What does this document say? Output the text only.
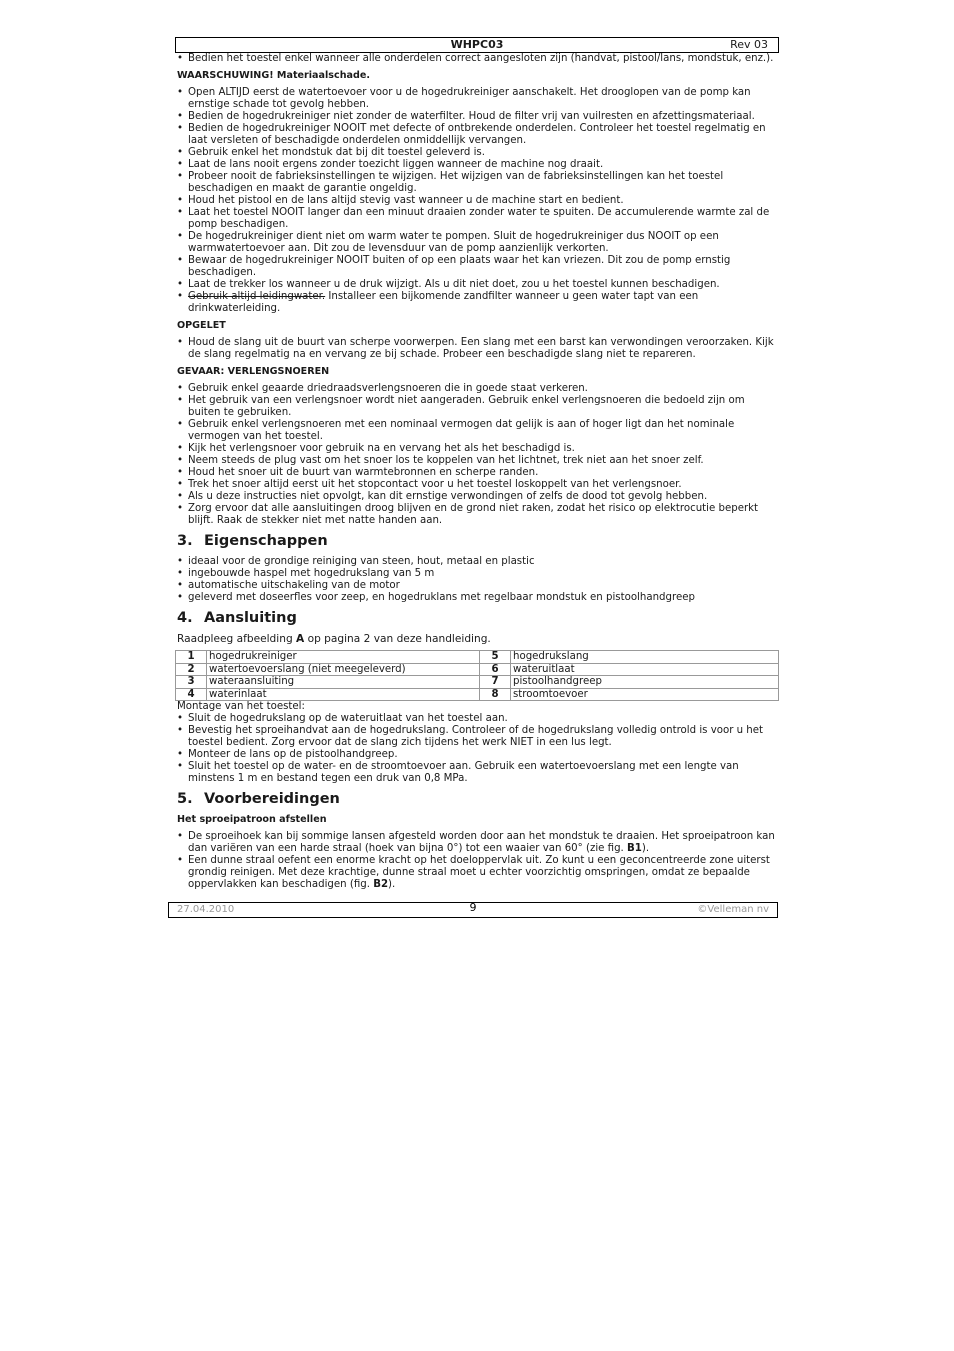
WHPC03	Rev 03
• Bedien het toestel enkel wanneer alle onderdelen correct aangesloten zijn (handvat, pistool/lans, mondstuk, enz.).
WAARSCHUWING! Materiaalschade.
• Open ALTIJD eerst de watertoevoer voor u de hogedrukreiniger aanschakelt. Het drooglopen van de pomp kan ernstige schade tot gevolg hebben.
• Bedien de hogedrukreiniger niet zonder de waterfilter. Houd de filter vrij van vuilresten en afzettingsmateriaal.
• Bedien de hogedrukreiniger NOOIT met defecte of ontbrekende onderdelen. Controleer het toestel regelmatig en laat versleten of beschadigde onderdelen onmiddellijk vervangen.
• Gebruik enkel het mondstuk dat bij dit toestel geleverd is.
• Laat de lans nooit ergens zonder toezicht liggen wanneer de machine nog draait.
• Probeer nooit de fabrieksinstellingen te wijzigen. Het wijzigen van de fabrieksinstellingen kan het toestel beschadigen en maakt de garantie ongeldig.
• Houd het pistool en de lans altijd stevig vast wanneer u de machine start en bedient.
• Laat het toestel NOOIT langer dan een minuut draaien zonder water te spuiten. De accumulerende warmte zal de pomp beschadigen.
• De hogedrukreiniger dient niet om warm water te pompen. Sluit de hogedrukreiniger dus NOOIT op een warmwatertoevoer aan. Dit zou de levensduur van de pomp aanzienlijk verkorten.
• Bewaar de hogedrukreiniger NOOIT buiten of op een plaats waar het kan vriezen. Dit zou de pomp ernstig beschadigen.
• Laat de trekker los wanneer u de druk wijzigt. Als u dit niet doet, zou u het toestel kunnen beschadigen.
• Gebruik altijd leidingwater. Installeer een bijkomende zandfilter wanneer u geen water tapt van een drinkwaterleiding.
OPGELET
• Houd de slang uit de buurt van scherpe voorwerpen. Een slang met een barst kan verwondingen veroorzaken. Kijk de slang regelmatig na en vervang ze bij schade. Probeer een beschadigde slang niet te repareren.
GEVAAR: VERLENGSNOEREN
• Gebruik enkel geaarde driedraadsverlengsnoeren die in goede staat verkeren.
• Het gebruik van een verlengsnoer wordt niet aangeraden. Gebruik enkel verlengsnoeren die bedoeld zijn om buiten te gebruiken.
• Gebruik enkel verlengsnoeren met een nominaal vermogen dat gelijk is aan of hoger ligt dan het nominale vermogen van het toestel.
• Kijk het verlengsnoer voor gebruik na en vervang het als het beschadigd is.
• Neem steeds de plug vast om het snoer los te koppelen van het lichtnet, trek niet aan het snoer zelf.
• Houd het snoer uit de buurt van warmtebronnen en scherpe randen.
• Trek het snoer altijd eerst uit het stopcontact voor u het toestel loskoppelt van het verlengsnoer.
• Als u deze instructies niet opvolgt, kan dit ernstige verwondingen of zelfs de dood tot gevolg hebben.
• Zorg ervoor dat alle aansluitingen droog blijven en de grond niet raken, zodat het risico op elektrocutie beperkt blijft. Raak de stekker niet met natte handen aan.
3. Eigenschappen
• ideaal voor de grondige reiniging van steen, hout, metaal en plastic
• ingebouwde haspel met hogedrukslang van 5 m
• automatische uitschakeling van de motor
• geleverd met doseerfles voor zeep, en hogedruklans met regelbaar mondstuk en pistoolhandgreep
4. Aansluiting
Raadpleeg afbeelding A op pagina 2 van deze handleiding.
1	hogedrukreiniger	5	hogedrukslang
2	watertoevoerslang (niet meegeleverd)	6	wateruitlaat
3	wateraansluiting	7	pistoolhandgreep
4	waterinlaat	8	stroomtoevoer
Montage van het toestel:
• Sluit de hogedrukslang op de wateruitlaat van het toestel aan.
• Bevestig het sproeihandvat aan de hogedrukslang. Controleer of de hogedrukslang volledig ontrold is voor u het toestel bedient. Zorg ervoor dat de slang zich tijdens het werk NIET in een lus legt.
• Monteer de lans op de pistoolhandgreep.
• Sluit het toestel op de water- en de stroomtoevoer aan. Gebruik een watertoevoerslang met een lengte van minstens 1 m en bestand tegen een druk van 0,8 MPa.
5. Voorbereidingen
Het sproeipatroon afstellen
• De sproeihoek kan bij sommige lansen afgesteld worden door aan het mondstuk te draaien. Het sproeipatroon kan dan variëren van een harde straal (hoek van bijna 0°) tot een waaier van 60° (zie fig. B1).
• Een dunne straal oefent een enorme kracht op het doeloppervlak uit. Zo kunt u een geconcentreerde zone uiterst grondig reinigen. Met deze krachtige, dunne straal moet u echter voorzichtig omspringen, omdat ze bepaalde oppervlakken kan beschadigen (fig. B2).
27.04.2010	9	©Velleman nv
